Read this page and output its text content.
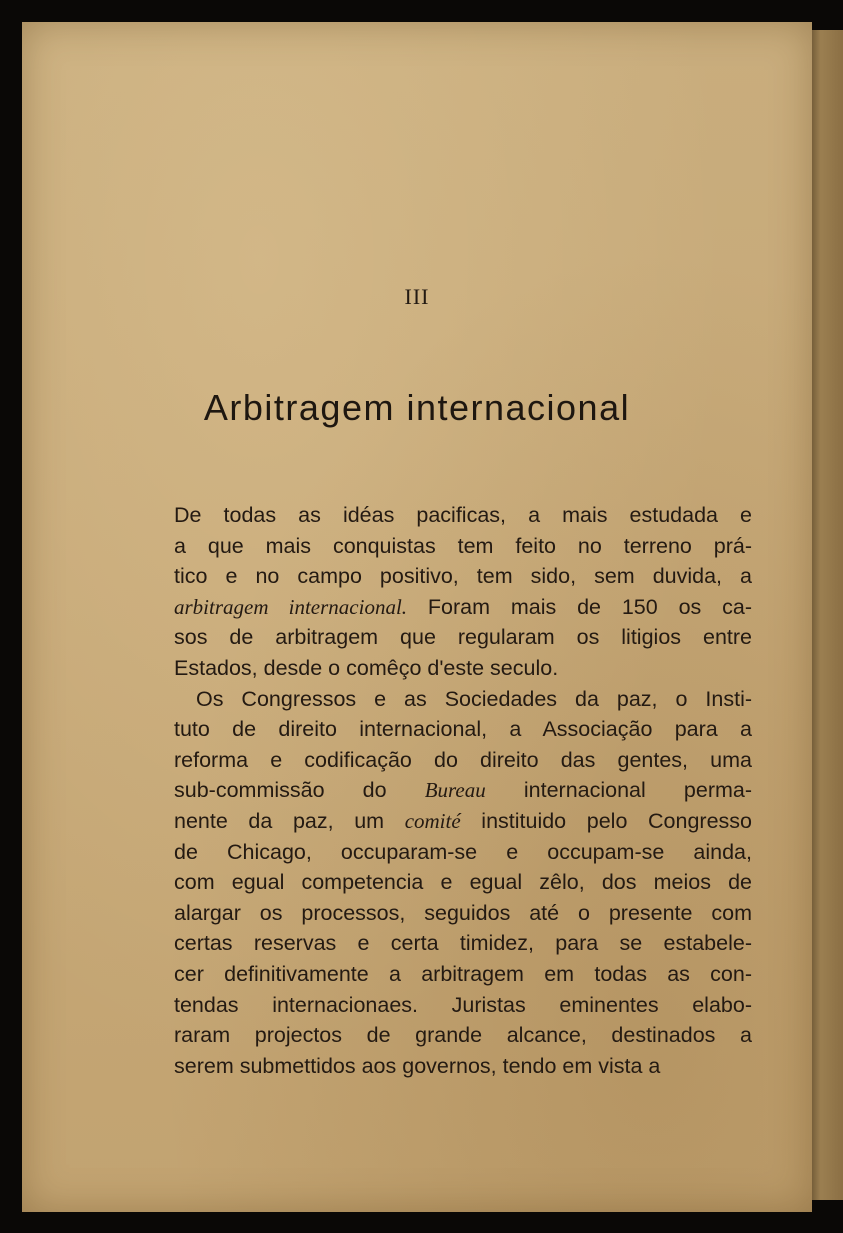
III
Arbitragem internacional
De todas as idéas pacificas, a mais estudada e
a que mais conquistas tem feito no terreno prá-
tico e no campo positivo, tem sido, sem duvida, a
arbitragem internacional. Foram mais de 150 os ca-
sos de arbitragem que regularam os litigios entre
Estados, desde o comêço d'este seculo.
Os Congressos e as Sociedades da paz, o Insti-
tuto de direito internacional, a Associação para a
reforma e codificação do direito das gentes, uma
sub-commissão do Bureau internacional perma-
nente da paz, um comité instituido pelo Congresso
de Chicago, occuparam-se e occupam-se ainda,
com egual competencia e egual zêlo, dos meios de
alargar os processos, seguidos até o presente com
certas reservas e certa timidez, para se estabele-
cer definitivamente a arbitragem em todas as con-
tendas internacionaes. Juristas eminentes elabo-
raram projectos de grande alcance, destinados a
serem submettidos aos governos, tendo em vista a
